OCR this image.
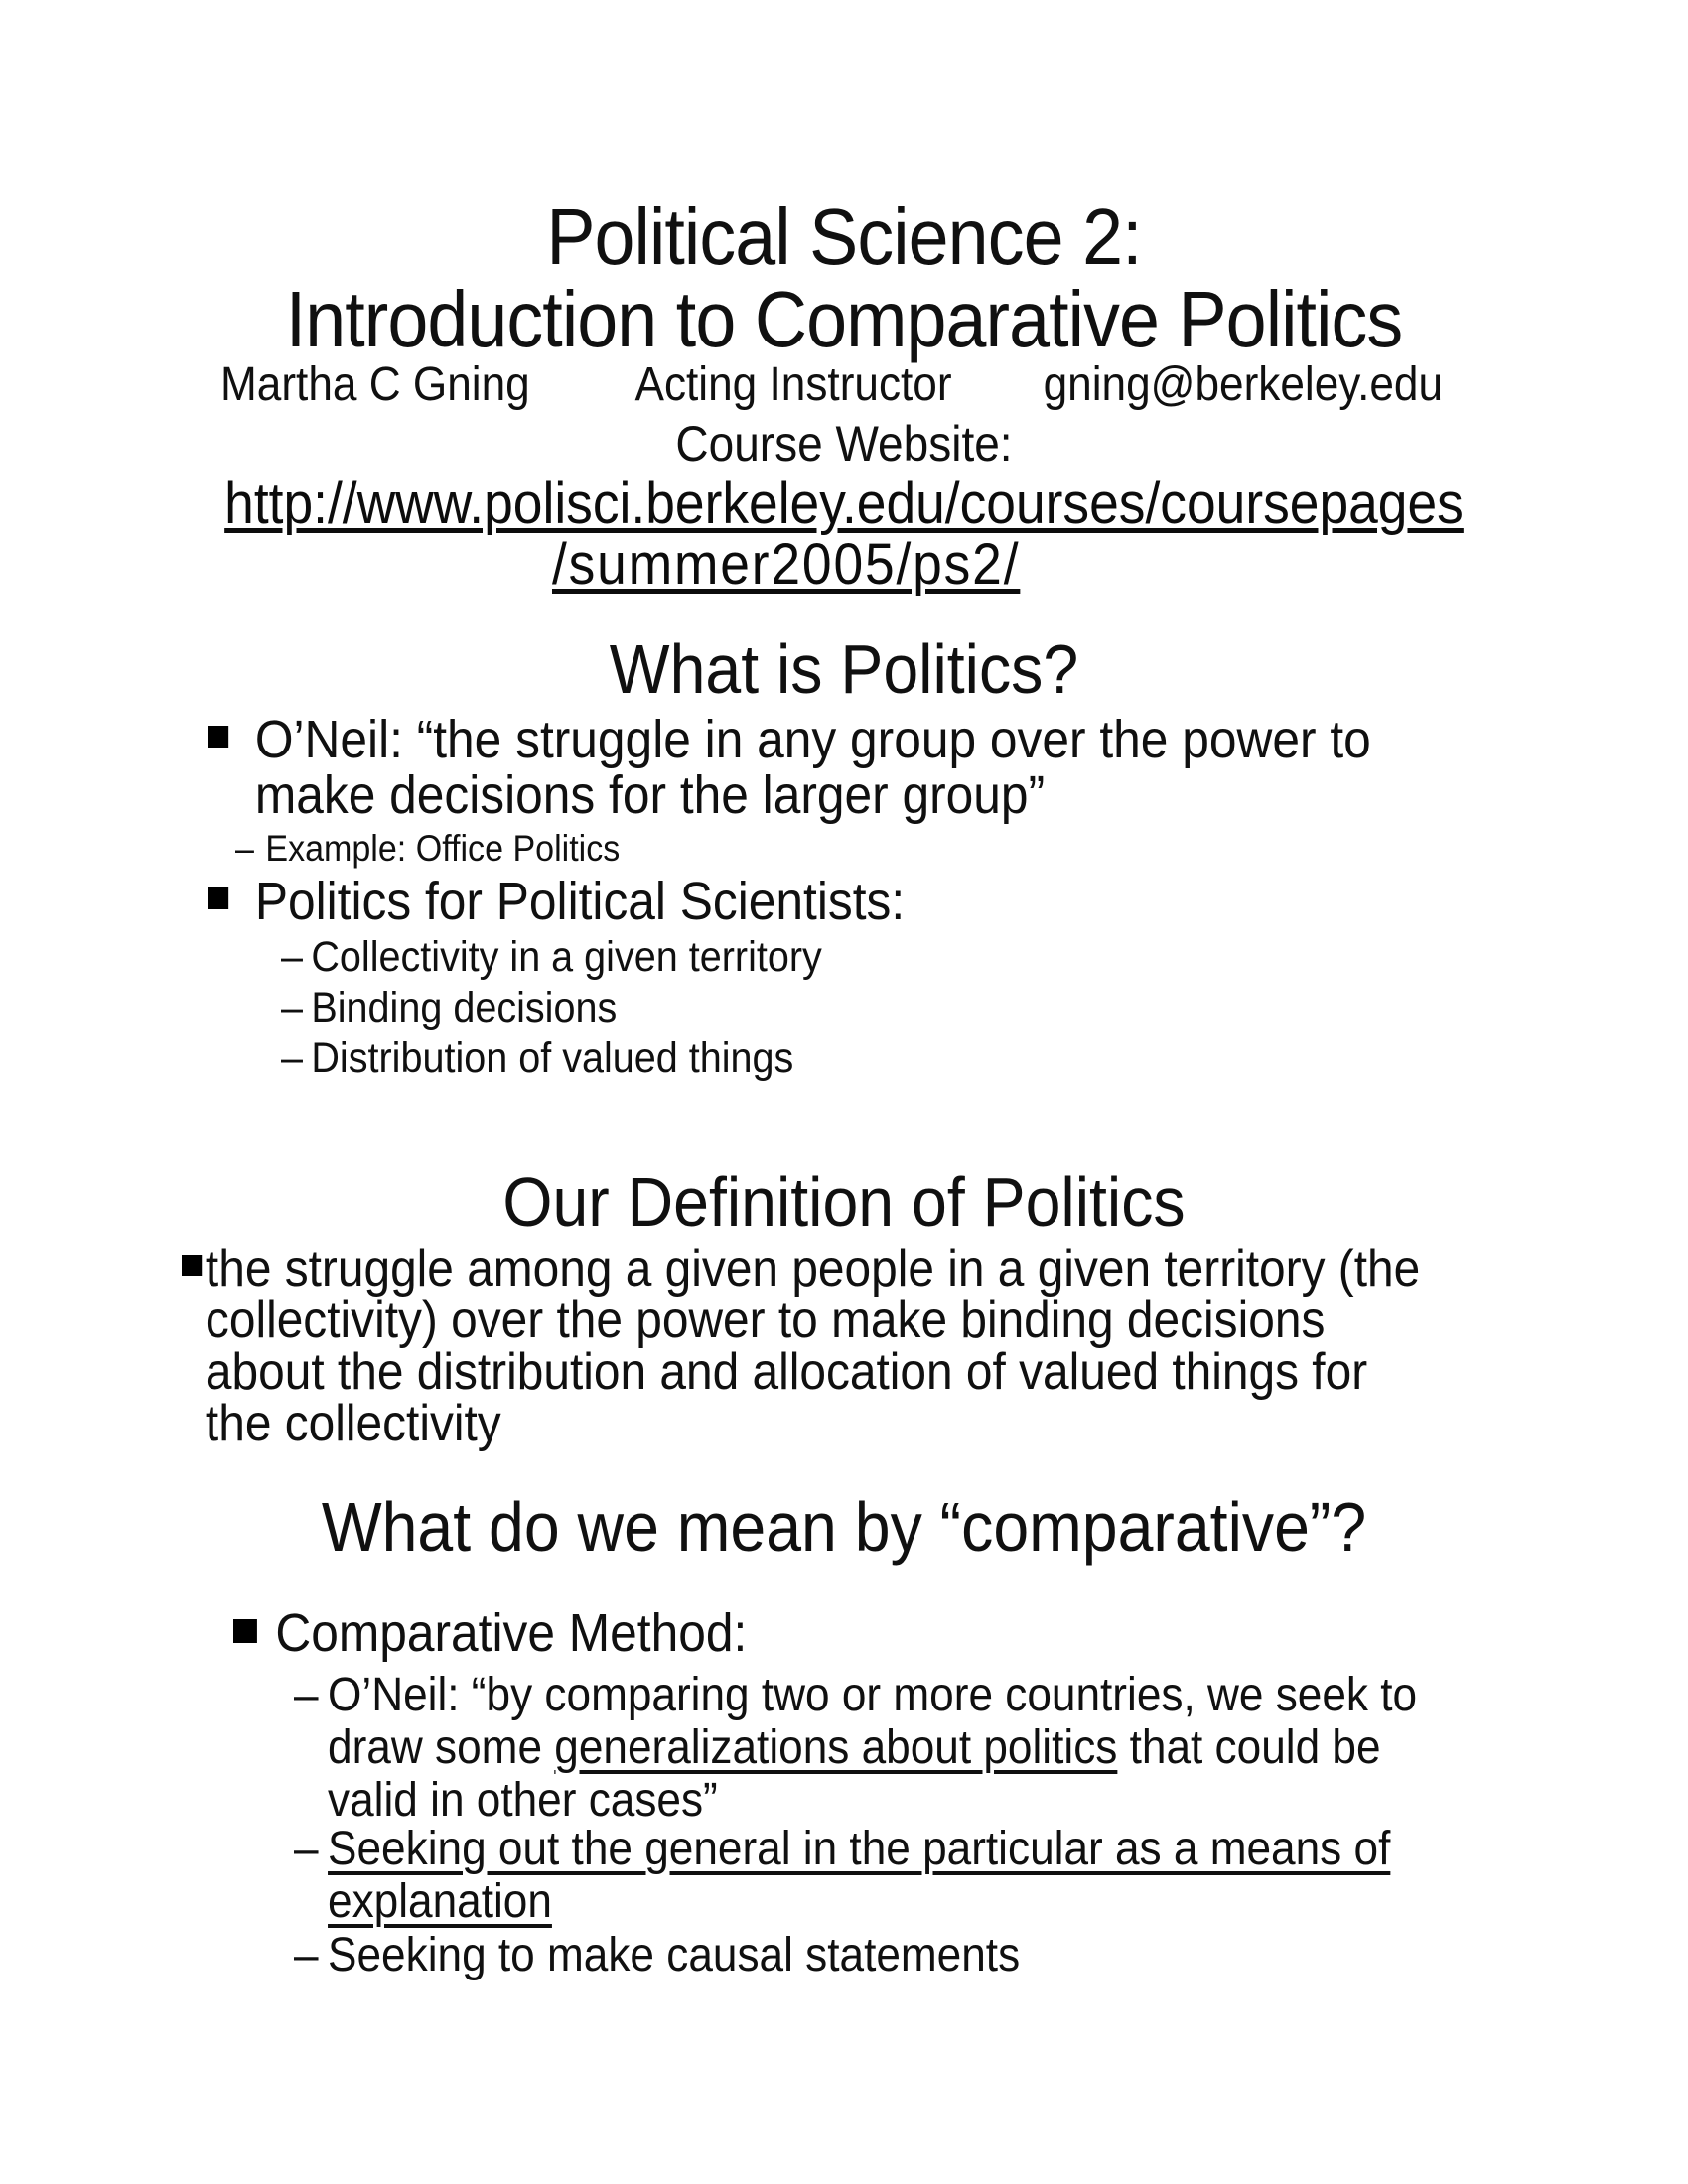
Political Science 2:
Introduction to Comparative Politics
Martha C Gning Acting Instructor gning@berkeley.edu
Course Website:
http://www.polisci.berkeley.edu/courses/coursepages
/summer2005/ps2/
What is Politics?
O’Neil: “the struggle in any group over the power to
make decisions for the larger group”
– Example: Office Politics
Politics for Political Scientists:
– Collectivity in a given territory
– Binding decisions
– Distribution of valued things
Our Definition of Politics
the struggle among a given people in a given territory (the
collectivity) over the power to make binding decisions
about the distribution and allocation of valued things for
the collectivity
What do we mean by “comparative”?
Comparative Method:
– O’Neil: “by comparing two or more countries, we seek to
draw some generalizations about politics that could be
valid in other cases”
– Seeking out the general in the particular as a means of
explanation
– Seeking to make causal statements
